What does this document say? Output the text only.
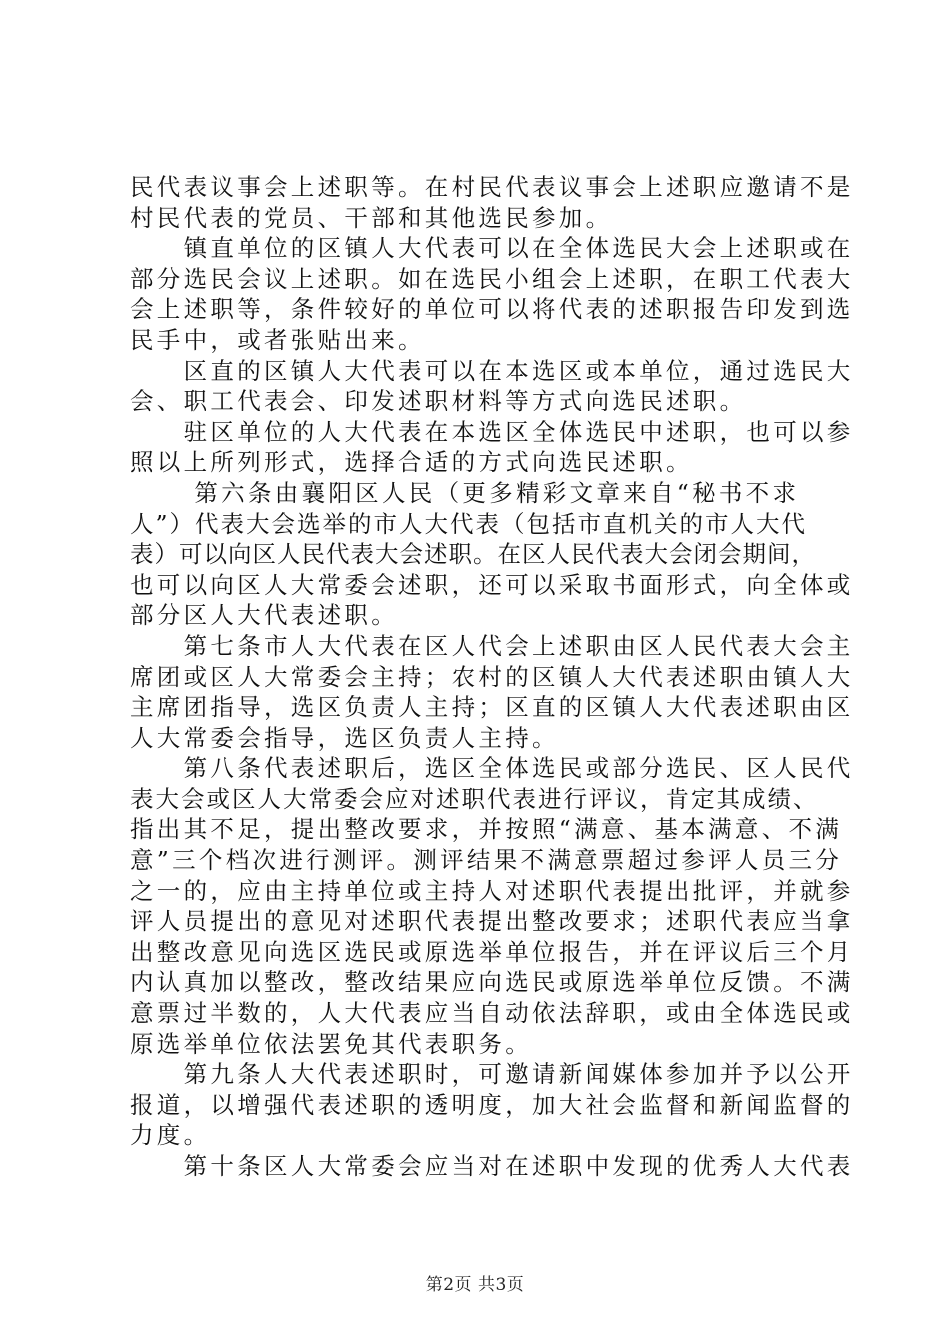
民代表议事会上述职等。在村民代表议事会上述职应邀请不是
村民代表的党员、干部和其他选民参加。
　　镇直单位的区镇人大代表可以在全体选民大会上述职或在
部分选民会议上述职。如在选民小组会上述职，在职工代表大
会上述职等，条件较好的单位可以将代表的述职报告印发到选
民手中，或者张贴出来。
　　区直的区镇人大代表可以在本选区或本单位，通过选民大
会、职工代表会、印发述职材料等方式向选民述职。
　　驻区单位的人大代表在本选区全体选民中述职，也可以参
照以上所列形式，选择合适的方式向选民述职。
　　 第六条由襄阳区人民（更多精彩文章来自“秘书不求
人”）代表大会选举的市人大代表（包括市直机关的市人大代
表）可以向区人民代表大会述职。在区人民代表大会闭会期间，
也可以向区人大常委会述职，还可以采取书面形式，向全体或
部分区人大代表述职。
　　第七条市人大代表在区人代会上述职由区人民代表大会主
席团或区人大常委会主持；农村的区镇人大代表述职由镇人大
主席团指导，选区负责人主持；区直的区镇人大代表述职由区
人大常委会指导，选区负责人主持。
　　第八条代表述职后，选区全体选民或部分选民、区人民代
表大会或区人大常委会应对述职代表进行评议，肯定其成绩、
指出其不足，提出整改要求，并按照“满意、基本满意、不满
意”三个档次进行测评。测评结果不满意票超过参评人员三分
之一的，应由主持单位或主持人对述职代表提出批评，并就参
评人员提出的意见对述职代表提出整改要求；述职代表应当拿
出整改意见向选区选民或原选举单位报告，并在评议后三个月
内认真加以整改，整改结果应向选民或原选举单位反馈。不满
意票过半数的，人大代表应当自动依法辞职，或由全体选民或
原选举单位依法罢免其代表职务。
　　第九条人大代表述职时，可邀请新闻媒体参加并予以公开
报道，以增强代表述职的透明度，加大社会监督和新闻监督的
力度。
　　第十条区人大常委会应当对在述职中发现的优秀人大代表
第2页 共3页
